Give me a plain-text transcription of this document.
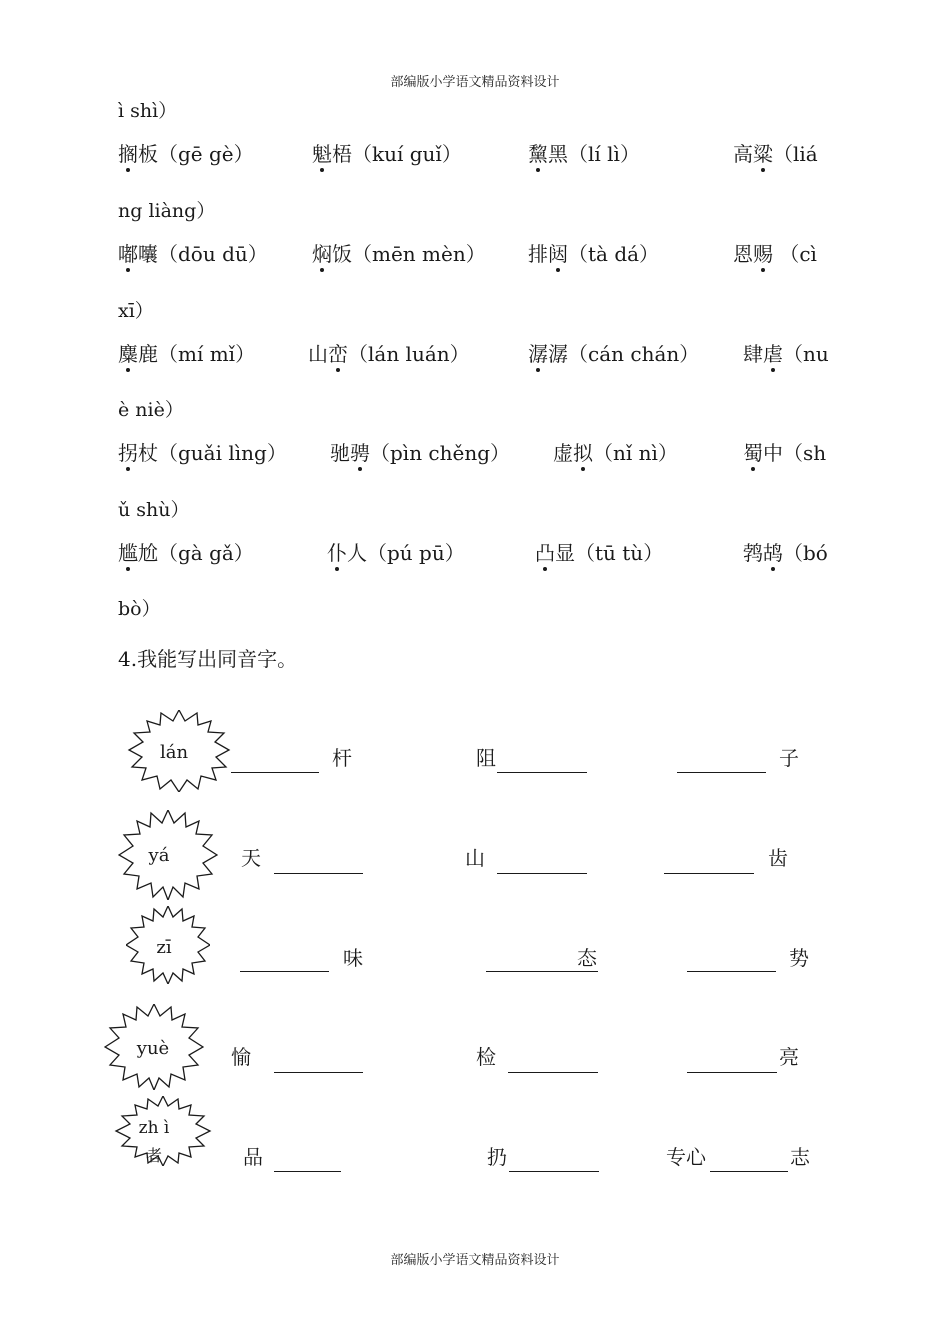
部编版小学语文精品资料设计
ì shì）
搁板（gē gè）	魁梧（kuí guǐ）	黧黑（lí lì）	高粱（liá
ng liàng）
嘟囔（dōu dū） 焖饭（mēn mèn） 排闼（tà dá）	恩赐 （cì
xī）
麋鹿（mí mǐ）	山峦（lán luán）	潺潺（cán chán） 肆虐（nu
è niè）
拐杖（guǎi lìng） 驰骋（pìn chěng） 虚拟（nǐ nì）	蜀中（sh
ǔ shù）
尴尬（gà gǎ）	仆人（pú pū）	凸显（tū tù）	鹁鸪（bó
bò）
4.我能写出同音字。
lán
yá
zī
yuè
zh ì
者
杆	阻	子
天	山	齿
味	态	势
愉	检	亮
品	扔	专心	志
部编版小学语文精品资料设计
